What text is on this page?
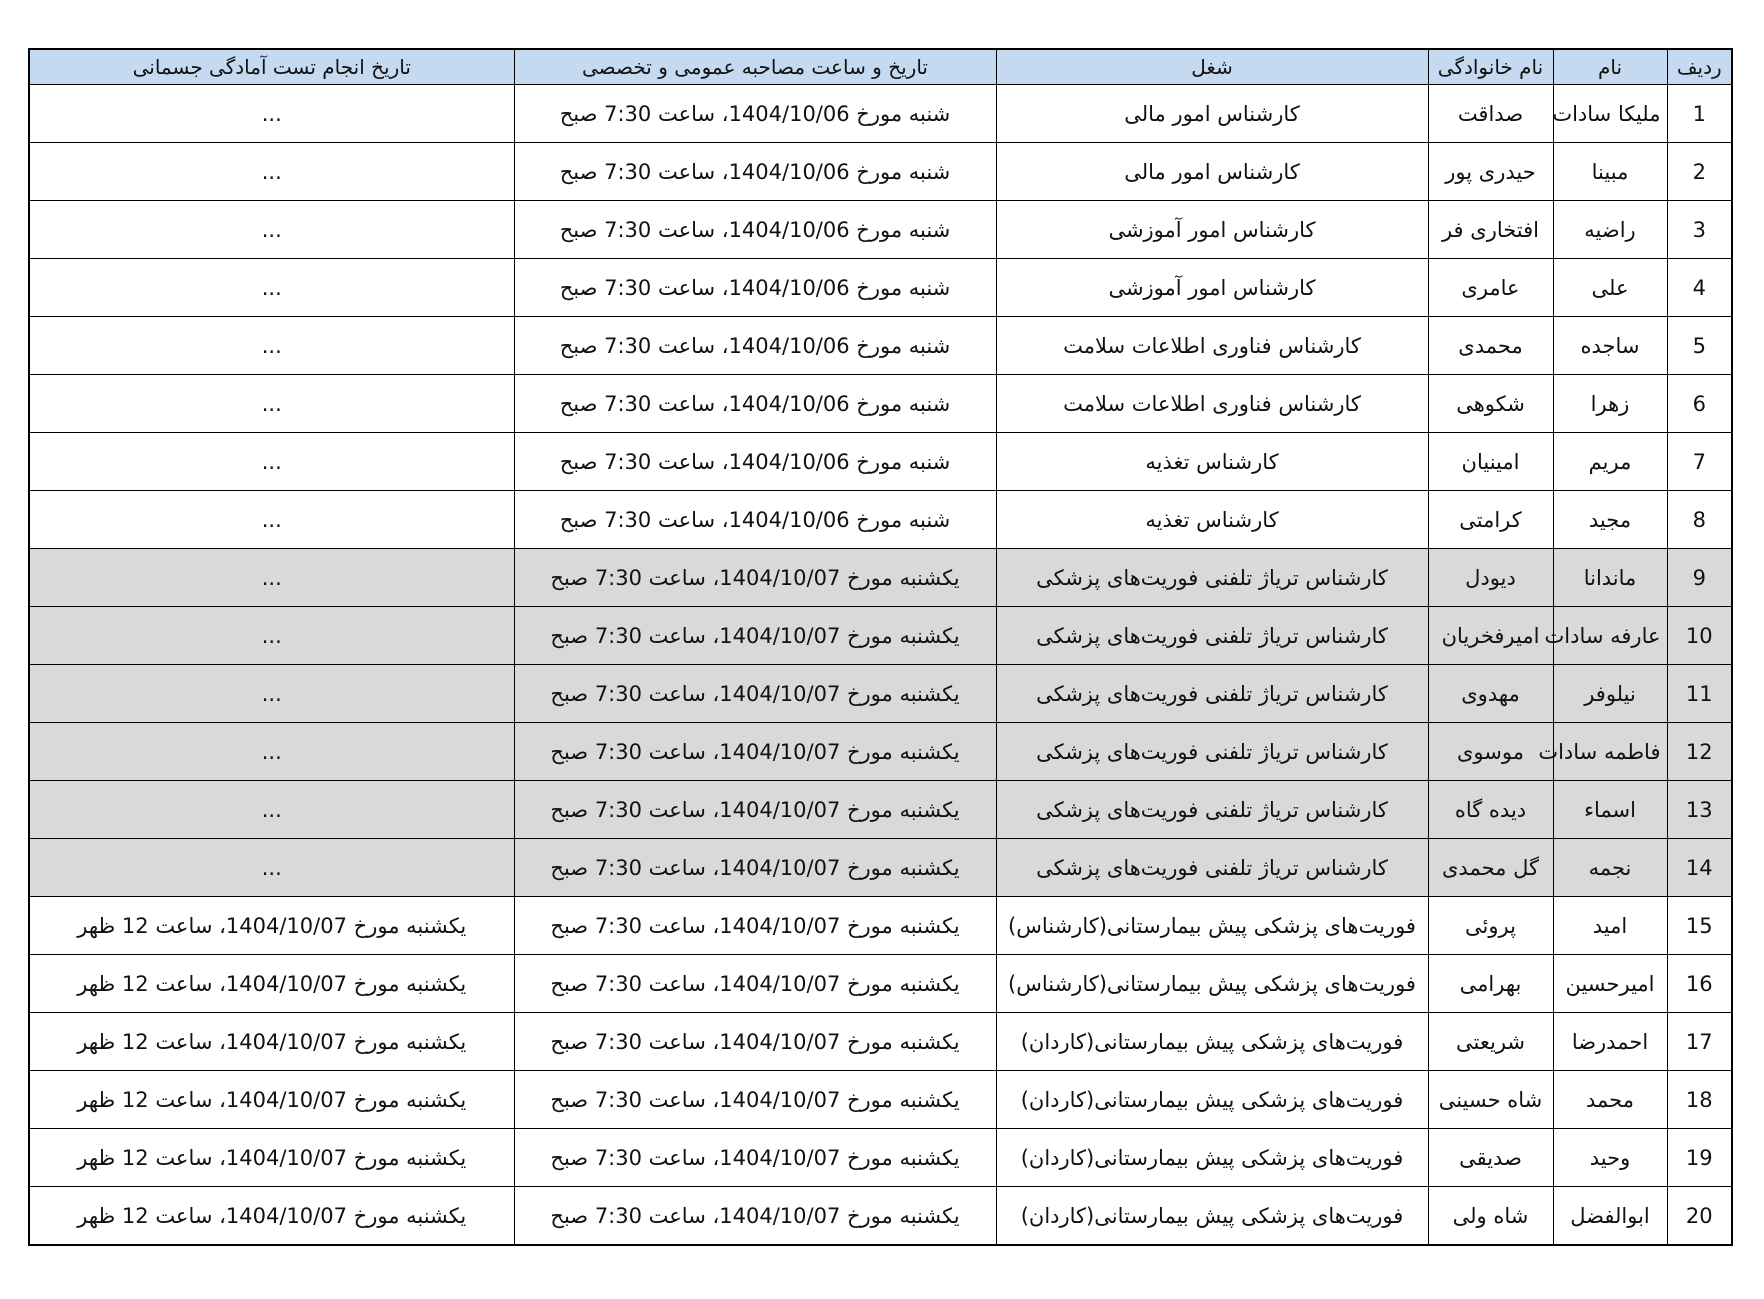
ردیف	نام	نام خانوادگی	شغل	تاریخ و ساعت مصاحبه عمومی و تخصصی	تاریخ انجام تست آمادگی جسمانی
1	ملیکا سادات	صداقت	کارشناس امور مالی	شنبه مورخ 1404/10/06، ساعت 7:30 صبح	...
2	مبینا	حیدری پور	کارشناس امور مالی	شنبه مورخ 1404/10/06، ساعت 7:30 صبح	...
3	راضیه	افتخاری فر	کارشناس امور آموزشی	شنبه مورخ 1404/10/06، ساعت 7:30 صبح	...
4	علی	عامری	کارشناس امور آموزشی	شنبه مورخ 1404/10/06، ساعت 7:30 صبح	...
5	ساجده	محمدی	کارشناس فناوری اطلاعات سلامت	شنبه مورخ 1404/10/06، ساعت 7:30 صبح	...
6	زهرا	شکوهی	کارشناس فناوری اطلاعات سلامت	شنبه مورخ 1404/10/06، ساعت 7:30 صبح	...
7	مریم	امینیان	کارشناس تغذیه	شنبه مورخ 1404/10/06، ساعت 7:30 صبح	...
8	مجید	کرامتی	کارشناس تغذیه	شنبه مورخ 1404/10/06، ساعت 7:30 صبح	...
9	ماندانا	دیودل	کارشناس تریاژ تلفنی فوریت‌های پزشکی	یکشنبه مورخ 1404/10/07، ساعت 7:30 صبح	...
10	عارفه سادات	امیرفخریان	کارشناس تریاژ تلفنی فوریت‌های پزشکی	یکشنبه مورخ 1404/10/07، ساعت 7:30 صبح	...
11	نیلوفر	مهدوی	کارشناس تریاژ تلفنی فوریت‌های پزشکی	یکشنبه مورخ 1404/10/07، ساعت 7:30 صبح	...
12	فاطمه سادات	موسوی	کارشناس تریاژ تلفنی فوریت‌های پزشکی	یکشنبه مورخ 1404/10/07، ساعت 7:30 صبح	...
13	اسماء	دیده گاه	کارشناس تریاژ تلفنی فوریت‌های پزشکی	یکشنبه مورخ 1404/10/07، ساعت 7:30 صبح	...
14	نجمه	گل محمدی	کارشناس تریاژ تلفنی فوریت‌های پزشکی	یکشنبه مورخ 1404/10/07، ساعت 7:30 صبح	...
15	امید	پروئی	فوریت‌های پزشکی پیش بیمارستانی(کارشناس)	یکشنبه مورخ 1404/10/07، ساعت 7:30 صبح	یکشنبه مورخ 1404/10/07، ساعت 12 ظهر
16	امیرحسین	بهرامی	فوریت‌های پزشکی پیش بیمارستانی(کارشناس)	یکشنبه مورخ 1404/10/07، ساعت 7:30 صبح	یکشنبه مورخ 1404/10/07، ساعت 12 ظهر
17	احمدرضا	شریعتی	فوریت‌های پزشکی پیش بیمارستانی(کاردان)	یکشنبه مورخ 1404/10/07، ساعت 7:30 صبح	یکشنبه مورخ 1404/10/07، ساعت 12 ظهر
18	محمد	شاه حسینی	فوریت‌های پزشکی پیش بیمارستانی(کاردان)	یکشنبه مورخ 1404/10/07، ساعت 7:30 صبح	یکشنبه مورخ 1404/10/07، ساعت 12 ظهر
19	وحید	صدیقی	فوریت‌های پزشکی پیش بیمارستانی(کاردان)	یکشنبه مورخ 1404/10/07، ساعت 7:30 صبح	یکشنبه مورخ 1404/10/07، ساعت 12 ظهر
20	ابوالفضل	شاه ولی	فوریت‌های پزشکی پیش بیمارستانی(کاردان)	یکشنبه مورخ 1404/10/07، ساعت 7:30 صبح	یکشنبه مورخ 1404/10/07، ساعت 12 ظهر
